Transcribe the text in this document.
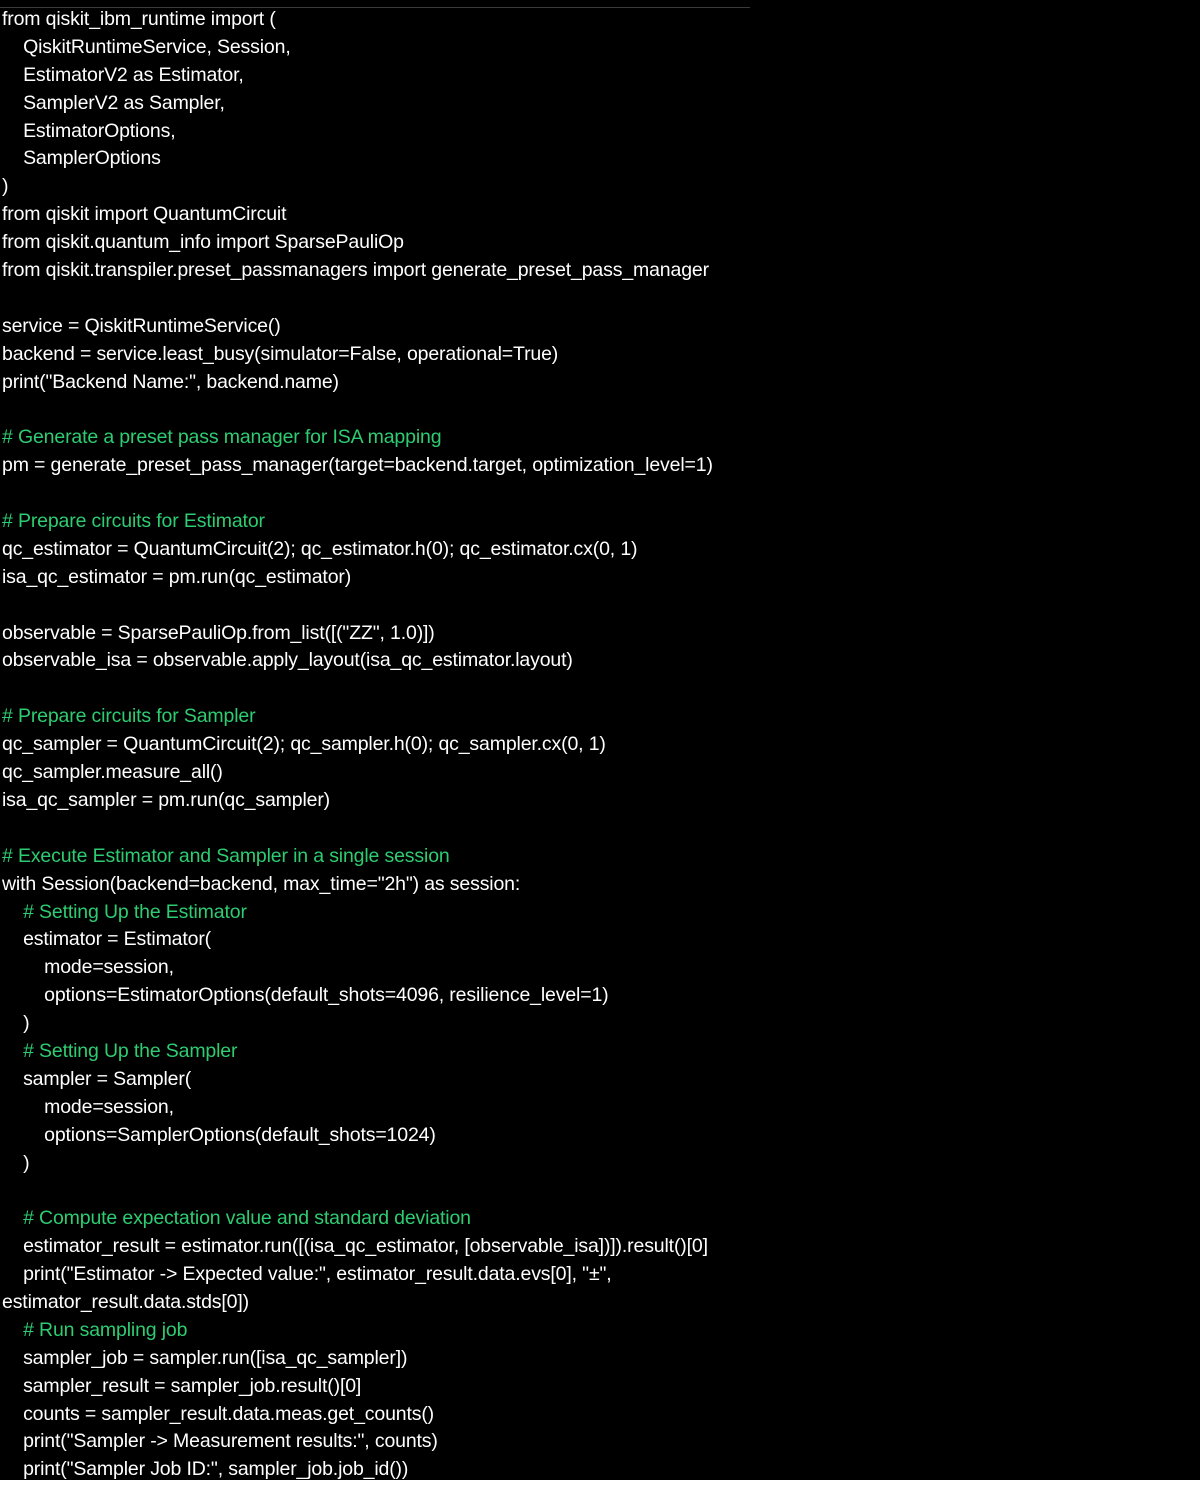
from qiskit_ibm_runtime import (
QiskitRuntimeService, Session,
EstimatorV2 as Estimator,
SamplerV2 as Sampler,
EstimatorOptions,
SamplerOptions
)
from qiskit import QuantumCircuit
from qiskit.quantum_info import SparsePauliOp
from qiskit.transpiler.preset_passmanagers import generate_preset_pass_manager
service = QiskitRuntimeService()
backend = service.least_busy(simulator=False, operational=True)
print("Backend Name:", backend.name)
# Generate a preset pass manager for ISA mapping
pm = generate_preset_pass_manager(target=backend.target, optimization_level=1)
# Prepare circuits for Estimator
qc_estimator = QuantumCircuit(2); qc_estimator.h(0); qc_estimator.cx(0, 1)
isa_qc_estimator = pm.run(qc_estimator)
observable = SparsePauliOp.from_list([("ZZ", 1.0)])
observable_isa = observable.apply_layout(isa_qc_estimator.layout)
# Prepare circuits for Sampler
qc_sampler = QuantumCircuit(2); qc_sampler.h(0); qc_sampler.cx(0, 1)
qc_sampler.measure_all()
isa_qc_sampler = pm.run(qc_sampler)
# Execute Estimator and Sampler in a single session
with Session(backend=backend, max_time="2h") as session:
# Setting Up the Estimator
estimator = Estimator(
mode=session,
options=EstimatorOptions(default_shots=4096, resilience_level=1)
)
# Setting Up the Sampler
sampler = Sampler(
mode=session,
options=SamplerOptions(default_shots=1024)
)
# Compute expectation value and standard deviation
estimator_result = estimator.run([(isa_qc_estimator, [observable_isa])]).result()[0]
print("Estimator -> Expected value:", estimator_result.data.evs[0], "±",
estimator_result.data.stds[0])
# Run sampling job
sampler_job = sampler.run([isa_qc_sampler])
sampler_result = sampler_job.result()[0]
counts = sampler_result.data.meas.get_counts()
print("Sampler -> Measurement results:", counts)
print("Sampler Job ID:", sampler_job.job_id())
